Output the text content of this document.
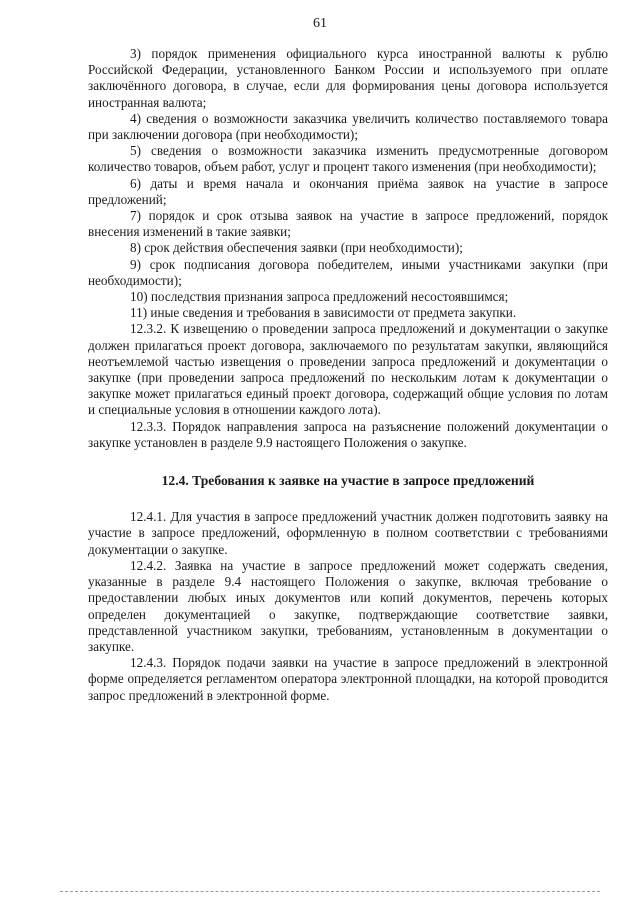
61

3) порядок применения официального курса иностранной валюты к рублю Российской Федерации, установленного Банком России и используемого при оплате заключённого договора, в случае, если для формирования цены договора используется иностранная валюта;

4) сведения о возможности заказчика увеличить количество поставляемого товара при заключении договора (при необходимости);

5) сведения о возможности заказчика изменить предусмотренные договором количество товаров, объем работ, услуг и процент такого изменения (при необходимости);

6) даты и время начала и окончания приёма заявок на участие в запросе предложений;

7) порядок и срок отзыва заявок на участие в запросе предложений, порядок внесения изменений в такие заявки;

8) срок действия обеспечения заявки (при необходимости);

9) срок подписания договора победителем, иными участниками закупки (при необходимости);

10) последствия признания запроса предложений несостоявшимся;

11) иные сведения и требования в зависимости от предмета закупки.

12.3.2. К извещению о проведении запроса предложений и документации о закупке должен прилагаться проект договора, заключаемого по результатам закупки, являющийся неотъемлемой частью извещения о проведении запроса предложений и документации о закупке (при проведении запроса предложений по нескольким лотам к документации о закупке может прилагаться единый проект договора, содержащий общие условия по лотам и специальные условия в отношении каждого лота).

12.3.3. Порядок направления запроса на разъяснение положений документации о закупке установлен в разделе 9.9 настоящего Положения о закупке.

12.4. Требования к заявке на участие в запросе предложений

12.4.1. Для участия в запросе предложений участник должен подготовить заявку на участие в запросе предложений, оформленную в полном соответствии с требованиями документации о закупке.

12.4.2. Заявка на участие в запросе предложений может содержать сведения, указанные в разделе 9.4 настоящего Положения о закупке, включая требование о предоставлении любых иных документов или копий документов, перечень которых определен документацией о закупке, подтверждающие соответствие заявки, представленной участником закупки, требованиям, установленным в документации о закупке.

12.4.3. Порядок подачи заявки на участие в запросе предложений в электронной форме определяется регламентом оператора электронной площадки, на которой проводится запрос предложений в электронной форме.
